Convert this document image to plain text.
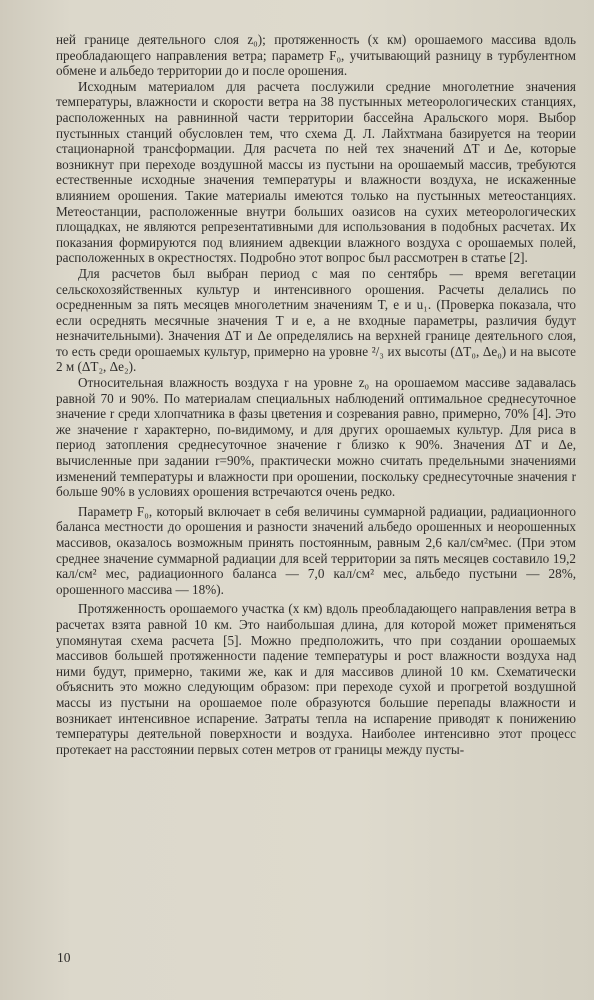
ней границе деятельного слоя z₀); протяженность (x км) орошаемого массива вдоль преобладающего направления ветра; параметр F₀, учитывающий разницу в турбулентном обмене и альбедо территории до и после орошения.

Исходным материалом для расчета послужили средние многолетние значения температуры, влажности и скорости ветра на 38 пустынных метеорологических станциях, расположенных на равнинной части территории бассейна Аральского моря. Выбор пустынных станций обусловлен тем, что схема Д. Л. Лайхтмана базируется на теории стационарной трансформации. Для расчета по ней тех значений ΔT и Δe, которые возникнут при переходе воздушной массы из пустыни на орошаемый массив, требуются естественные исходные значения температуры и влажности воздуха, не искаженные влиянием орошения. Такие материалы имеются только на пустынных метеостанциях. Метеостанции, расположенные внутри больших оазисов на сухих метеорологических площадках, не являются репрезентативными для использования в подобных расчетах. Их показания формируются под влиянием адвекции влажного воздуха с орошаемых полей, расположенных в окрестностях. Подробно этот вопрос был рассмотрен в статье [2].

Для расчетов был выбран период с мая по сентябрь — время вегетации сельскохозяйственных культур и интенсивного орошения. Расчеты делались по осредненным за пять месяцев многолетним значениям T, e и u₁. (Проверка показала, что если осреднять месячные значения T и e, а не входные параметры, различия будут незначительными). Значения ΔT и Δe определялись на верхней границе деятельного слоя, то есть среди орошаемых культур, примерно на уровне ²/₃ их высоты (ΔT₀, Δe₀) и на высоте 2 м (ΔT₂, Δe₂).

Относительная влажность воздуха r на уровне z₀ на орошаемом массиве задавалась равной 70 и 90%. По материалам специальных наблюдений оптимальное среднесуточное значение r среди хлопчатника в фазы цветения и созревания равно, примерно, 70% [4]. Это же значение r характерно, по-видимому, и для других орошаемых культур. Для риса в период затопления среднесуточное значение r близко к 90%. Значения ΔT и Δe, вычисленные при задании r=90%, практически можно считать предельными значениями изменений температуры и влажности при орошении, поскольку среднесуточные значения r больше 90% в условиях орошения встречаются очень редко.

Параметр F₀, который включает в себя величины суммарной радиации, радиационного баланса местности до орошения и разности значений альбедо орошенных и неорошенных массивов, оказалось возможным принять постоянным, равным 2,6 кал/см²мес. (При этом среднее значение суммарной радиации для всей территории за пять месяцев составило 19,2 кал/см² мес, радиационного баланса — 7,0 кал/см² мес, альбедо пустыни — 28%, орошенного массива — 18%).

Протяженность орошаемого участка (x км) вдоль преобладающего направления ветра в расчетах взята равной 10 км. Это наибольшая длина, для которой может применяться упомянутая схема расчета [5]. Можно предположить, что при создании орошаемых массивов большей протяженности падение температуры и рост влажности воздуха над ними будут, примерно, такими же, как и для массивов длиной 10 км. Схематически объяснить это можно следующим образом: при переходе сухой и прогретой воздушной массы из пустыни на орошаемое поле образуются большие перепады влажности и возникает интенсивное испарение. Затраты тепла на испарение приводят к понижению температуры деятельной поверхности и воздуха. Наиболее интенсивно этот процесс протекает на расстоянии первых сотен метров от границы между пусты-

10
